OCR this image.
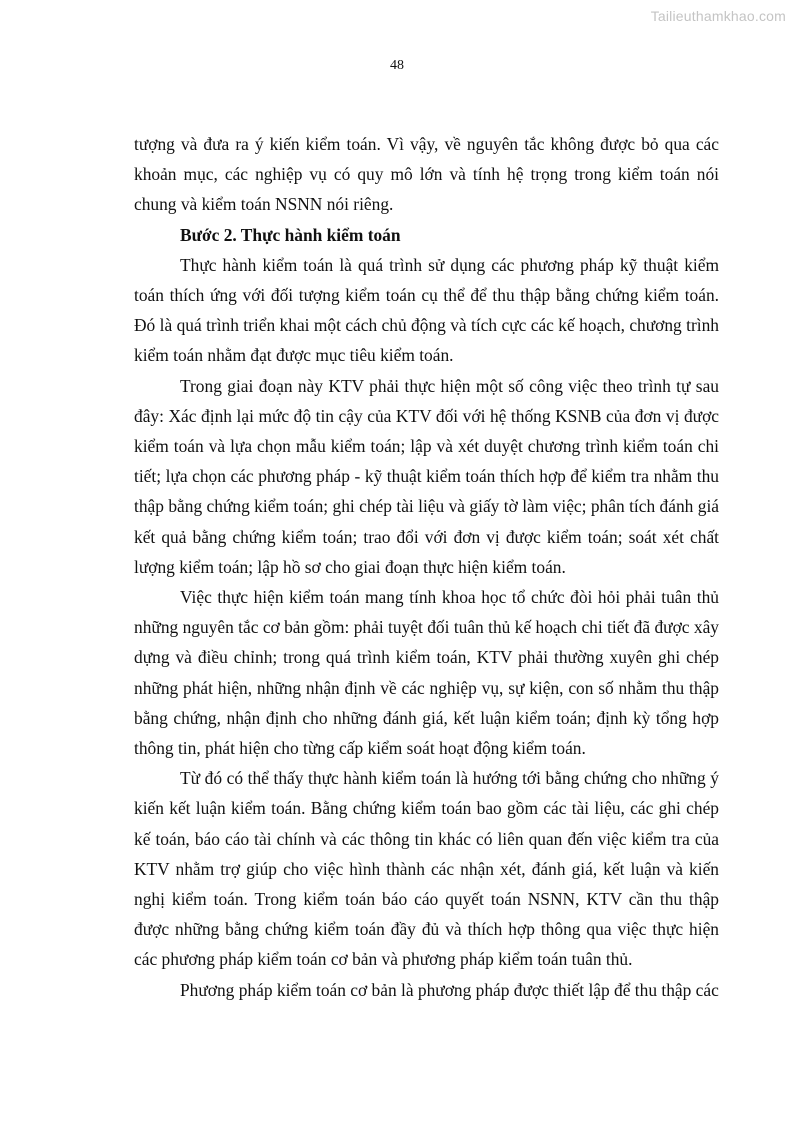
Tailieuthamkhao.com
48

tượng và đưa ra ý kiến kiểm toán. Vì vậy, về nguyên tắc không được bỏ qua các khoản mục, các nghiệp vụ có quy mô lớn và tính hệ trọng trong kiểm toán nói chung và kiểm toán NSNN nói riêng.

Bước 2. Thực hành kiểm toán

Thực hành kiểm toán là quá trình sử dụng các phương pháp kỹ thuật kiểm toán thích ứng với đối tượng kiểm toán cụ thể để thu thập bằng chứng kiểm toán. Đó là quá trình triển khai một cách chủ động và tích cực các kế hoạch, chương trình kiểm toán nhằm đạt được mục tiêu kiểm toán.

Trong giai đoạn này KTV phải thực hiện một số công việc theo trình tự sau đây: Xác định lại mức độ tin cậy của KTV đối với hệ thống KSNB của đơn vị được kiểm toán và lựa chọn mẫu kiểm toán; lập và xét duyệt chương trình kiểm toán chi tiết; lựa chọn các phương pháp - kỹ thuật kiểm toán thích hợp để kiểm tra nhằm thu thập bằng chứng kiểm toán; ghi chép tài liệu và giấy tờ làm việc; phân tích đánh giá kết quả bằng chứng kiểm toán; trao đổi với đơn vị được kiểm toán; soát xét chất lượng kiểm toán; lập hồ sơ cho giai đoạn thực hiện kiểm toán.

Việc thực hiện kiểm toán mang tính khoa học tổ chức đòi hỏi phải tuân thủ những nguyên tắc cơ bản gồm: phải tuyệt đối tuân thủ kế hoạch chi tiết đã được xây dựng và điều chỉnh; trong quá trình kiểm toán, KTV phải thường xuyên ghi chép những phát hiện, những nhận định về các nghiệp vụ, sự kiện, con số nhằm thu thập bằng chứng, nhận định cho những đánh giá, kết luận kiểm toán; định kỳ tổng hợp thông tin, phát hiện cho từng cấp kiểm soát hoạt động kiểm toán.

Từ đó có thể thấy thực hành kiểm toán là hướng tới bằng chứng cho những ý kiến kết luận kiểm toán. Bằng chứng kiểm toán bao gồm các tài liệu, các ghi chép kế toán, báo cáo tài chính và các thông tin khác có liên quan đến việc kiểm tra của KTV nhằm trợ giúp cho việc hình thành các nhận xét, đánh giá, kết luận và kiến nghị kiểm toán. Trong kiểm toán báo cáo quyết toán NSNN, KTV cần thu thập được những bằng chứng kiểm toán đầy đủ và thích hợp thông qua việc thực hiện các phương pháp kiểm toán cơ bản và phương pháp kiểm toán tuân thủ.

Phương pháp kiểm toán cơ bản là phương pháp được thiết lập để thu thập các
